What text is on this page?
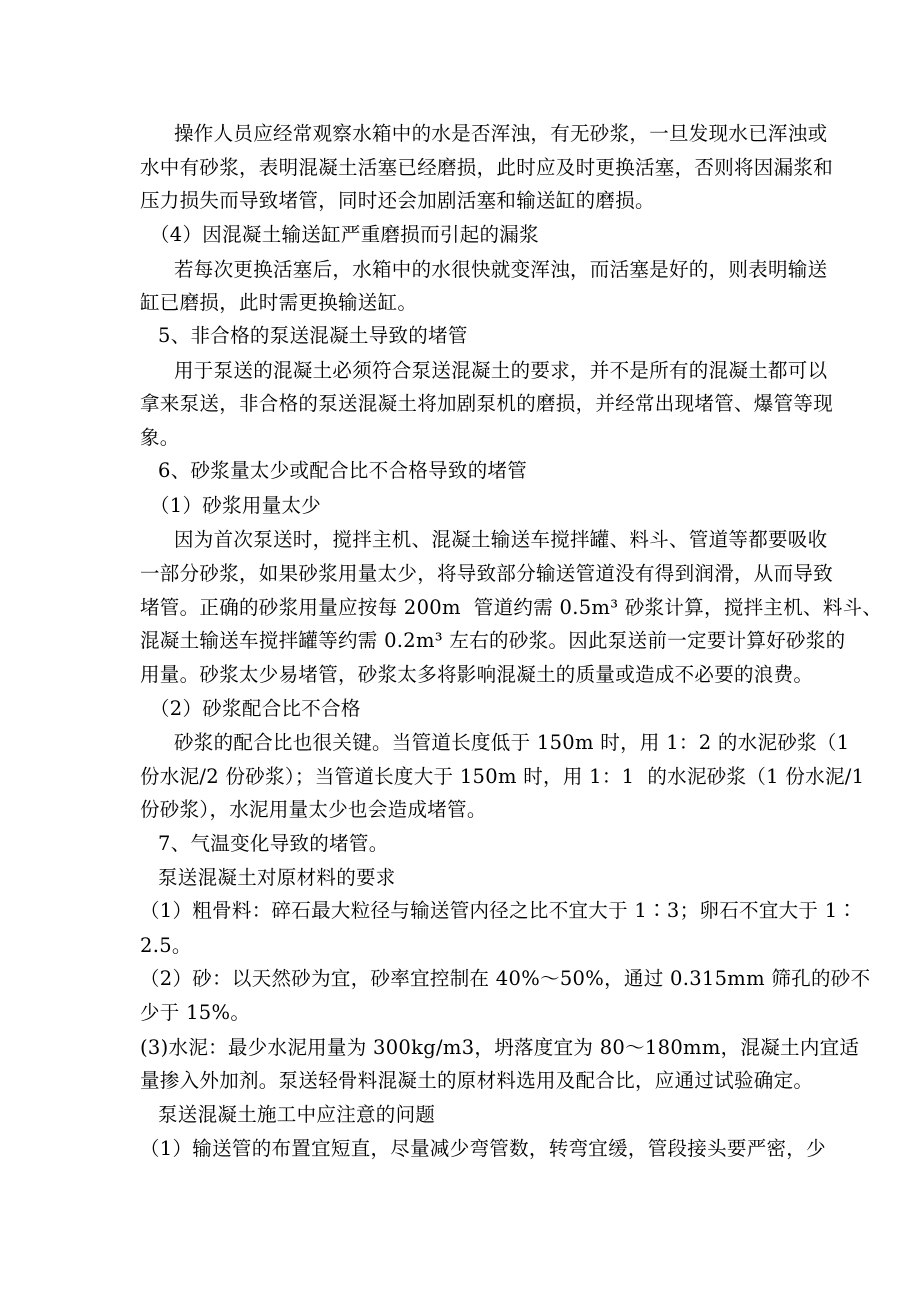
操作人员应经常观察水箱中的水是否浑浊，有无砂浆，一旦发现水已浑浊或
水中有砂浆，表明混凝土活塞已经磨损，此时应及时更换活塞，否则将因漏浆和
压力损失而导致堵管，同时还会加剧活塞和输送缸的磨损。
（4）因混凝土输送缸严重磨损而引起的漏浆
若每次更换活塞后，水箱中的水很快就变浑浊，而活塞是好的，则表明输送
缸已磨损，此时需更换输送缸。
5、非合格的泵送混凝土导致的堵管
用于泵送的混凝土必须符合泵送混凝土的要求，并不是所有的混凝土都可以
拿来泵送，非合格的泵送混凝土将加剧泵机的磨损，并经常出现堵管、爆管等现
象。
6、砂浆量太少或配合比不合格导致的堵管
（1）砂浆用量太少
因为首次泵送时，搅拌主机、混凝土输送车搅拌罐、料斗、管道等都要吸收
一部分砂浆，如果砂浆用量太少，将导致部分输送管道没有得到润滑，从而导致
堵管。正确的砂浆用量应按每 200m  管道约需 0.5m³ 砂浆计算，搅拌主机、料斗、
混凝土输送车搅拌罐等约需 0.2m³ 左右的砂浆。因此泵送前一定要计算好砂浆的
用量。砂浆太少易堵管，砂浆太多将影响混凝土的质量或造成不必要的浪费。
（2）砂浆配合比不合格
砂浆的配合比也很关键。当管道长度低于 150m 时，用 1：2 的水泥砂浆（1
份水泥/2 份砂浆）；当管道长度大于 150m 时，用 1：1  的水泥砂浆（1 份水泥/1
份砂浆），水泥用量太少也会造成堵管。
7、气温变化导致的堵管。
泵送混凝土对原材料的要求
（1）粗骨料：碎石最大粒径与输送管内径之比不宜大于 1∶3；卵石不宜大于 1∶
2.5。
（2）砂：以天然砂为宜，砂率宜控制在 40%～50%，通过 0.315mm 筛孔的砂不
少于 15%。
(3)水泥：最少水泥用量为 300kg/m3，坍落度宜为 80～180mm，混凝土内宜适
量掺入外加剂。泵送轻骨料混凝土的原材料选用及配合比，应通过试验确定。
泵送混凝土施工中应注意的问题
（1）输送管的布置宜短直，尽量减少弯管数，转弯宜缓，管段接头要严密，少
